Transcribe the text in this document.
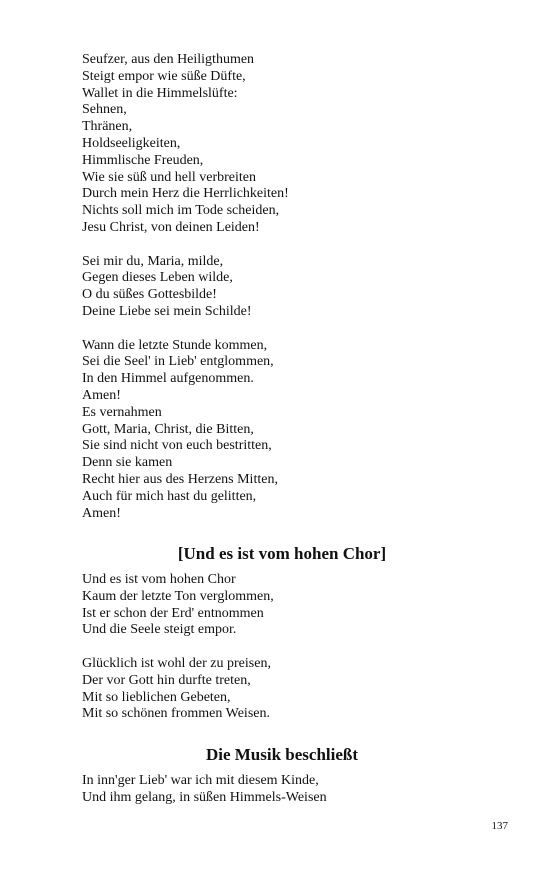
Seufzer, aus den Heiligthumen
Steigt empor wie süße Düfte,
Wallet in die Himmelslüfte:
Sehnen,
Thränen,
Holdseeligkeiten,
Himmlische Freuden,
Wie sie süß und hell verbreiten
Durch mein Herz die Herrlichkeiten!
Nichts soll mich im Tode scheiden,
Jesu Christ, von deinen Leiden!
Sei mir du, Maria, milde,
Gegen dieses Leben wilde,
O du süßes Gottesbilde!
Deine Liebe sei mein Schilde!
Wann die letzte Stunde kommen,
Sei die Seel' in Lieb' entglommen,
In den Himmel aufgenommen.
Amen!
Es vernahmen
Gott, Maria, Christ, die Bitten,
Sie sind nicht von euch bestritten,
Denn sie kamen
Recht hier aus des Herzens Mitten,
Auch für mich hast du gelitten,
Amen!
[Und es ist vom hohen Chor]
Und es ist vom hohen Chor
Kaum der letzte Ton verglommen,
Ist er schon der Erd' entnommen
Und die Seele steigt empor.
Glücklich ist wohl der zu preisen,
Der vor Gott hin durfte treten,
Mit so lieblichen Gebeten,
Mit so schönen frommen Weisen.
Die Musik beschließt
In inn'ger Lieb' war ich mit diesem Kinde,
Und ihm gelang, in süßen Himmels-Weisen
137
